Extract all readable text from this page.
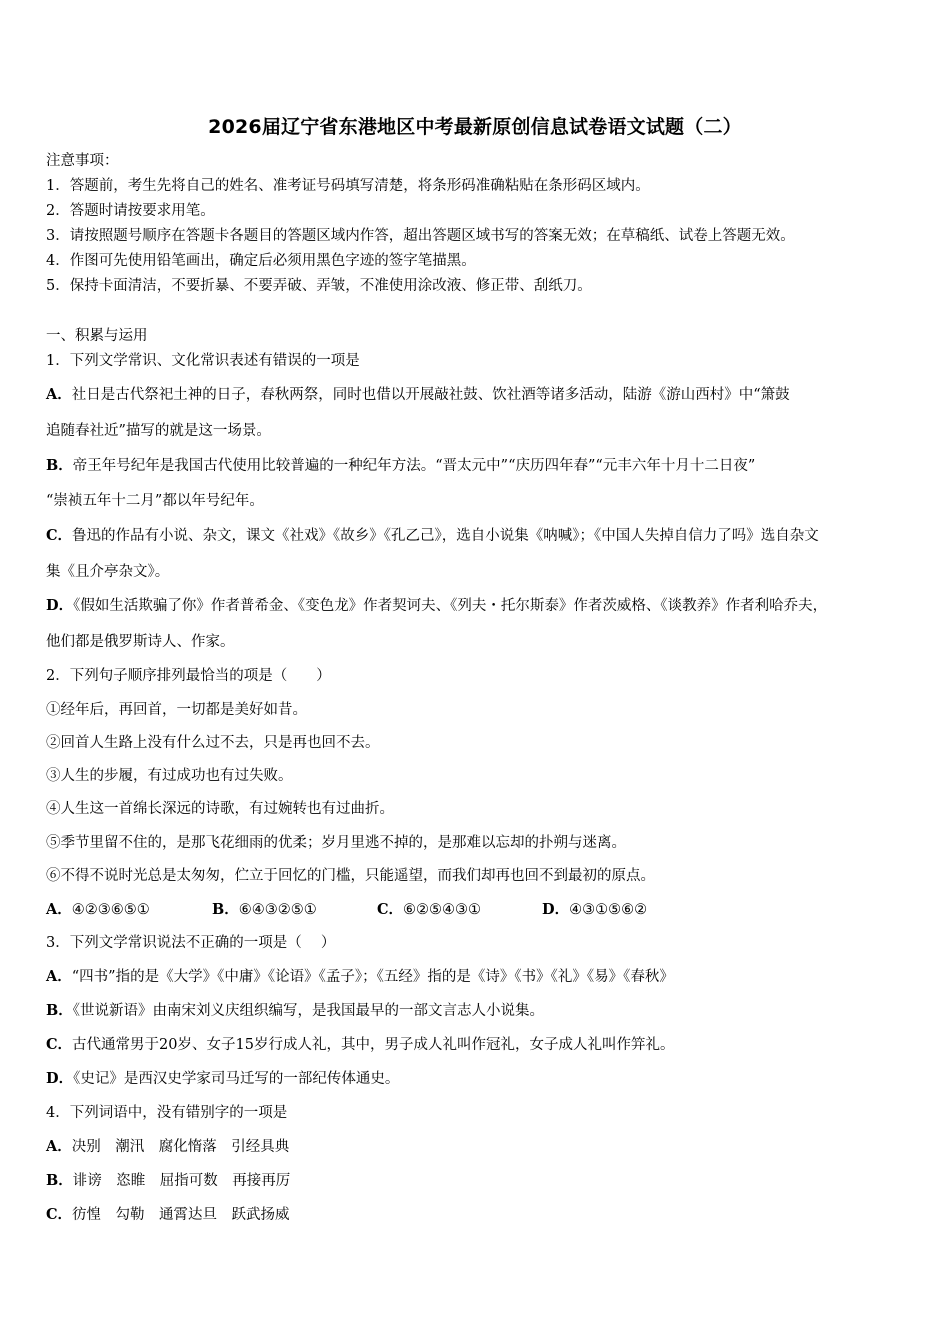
2026届辽宁省东港地区中考最新原创信息试卷语文试题（二）
注意事项：
1．答题前，考生先将自己的姓名、准考证号码填写清楚，将条形码准确粘贴在条形码区域内。
2．答题时请按要求用笔。
3．请按照题号顺序在答题卡各题目的答题区域内作答，超出答题区域书写的答案无效；在草稿纸、试卷上答题无效。
4．作图可先使用铅笔画出，确定后必须用黑色字迹的签字笔描黑。
5．保持卡面清洁，不要折暴、不要弄破、弄皱，不准使用涂改液、修正带、刮纸刀。
一、积累与运用
1．下列文学常识、文化常识表述有错误的一项是
A．社日是古代祭祀土神的日子，春秋两祭，同时也借以开展敲社鼓、饮社酒等诸多活动，陆游《游山西村》中“箫鼓
追随春社近”描写的就是这一场景。
B．帝王年号纪年是我国古代使用比较普遍的一种纪年方法。“晋太元中”“庆历四年春”“元丰六年十月十二日夜”
“崇祯五年十二月”都以年号纪年。
C．鲁迅的作品有小说、杂文，课文《社戏》《故乡》《孔乙己》，选自小说集《呐喊》；《中国人失掉自信力了吗》选自杂文
集《且介亭杂文》。
D．《假如生活欺骗了你》作者普希金、《变色龙》作者契诃夫、《列夫・托尔斯泰》作者茨威格、《谈教养》作者利哈乔夫，
他们都是俄罗斯诗人、作家。
2．下列句子顺序排列最恰当的项是（　　）
①经年后，再回首，一切都是美好如昔。
②回首人生路上没有什么过不去，只是再也回不去。
③人生的步履，有过成功也有过失败。
④人生这一首绵长深远的诗歌，有过婉转也有过曲折。
⑤季节里留不住的，是那飞花细雨的优柔；岁月里逃不掉的，是那难以忘却的扑朔与迷离。
⑥不得不说时光总是太匆匆，伫立于回忆的门槛，只能遥望，而我们却再也回不到最初的原点。
A．④②③⑥⑤①	B．⑥④③②⑤①	C．⑥②⑤④③①	D．④③①⑤⑥②
3．下列文学常识说法不正确的一项是（　 ）
A．“四书”指的是《大学》《中庸》《论语》《孟子》；《五经》指的是《诗》《书》《礼》《易》《春秋》
B．《世说新语》由南宋刘义庆组织编写，是我国最早的一部文言志人小说集。
C．古代通常男于20岁、女子15岁行成人礼，其中，男子成人礼叫作冠礼，女子成人礼叫作笄礼。
D．《史记》是西汉史学家司马迁写的一部纪传体通史。
4．下列词语中，没有错别字的一项是
A．决别　潮汛　腐化惰落　引经具典
B．诽谤　恣睢　屈指可数　再接再厉
C．彷惶　勾勒　通霄达旦　跃武扬威
